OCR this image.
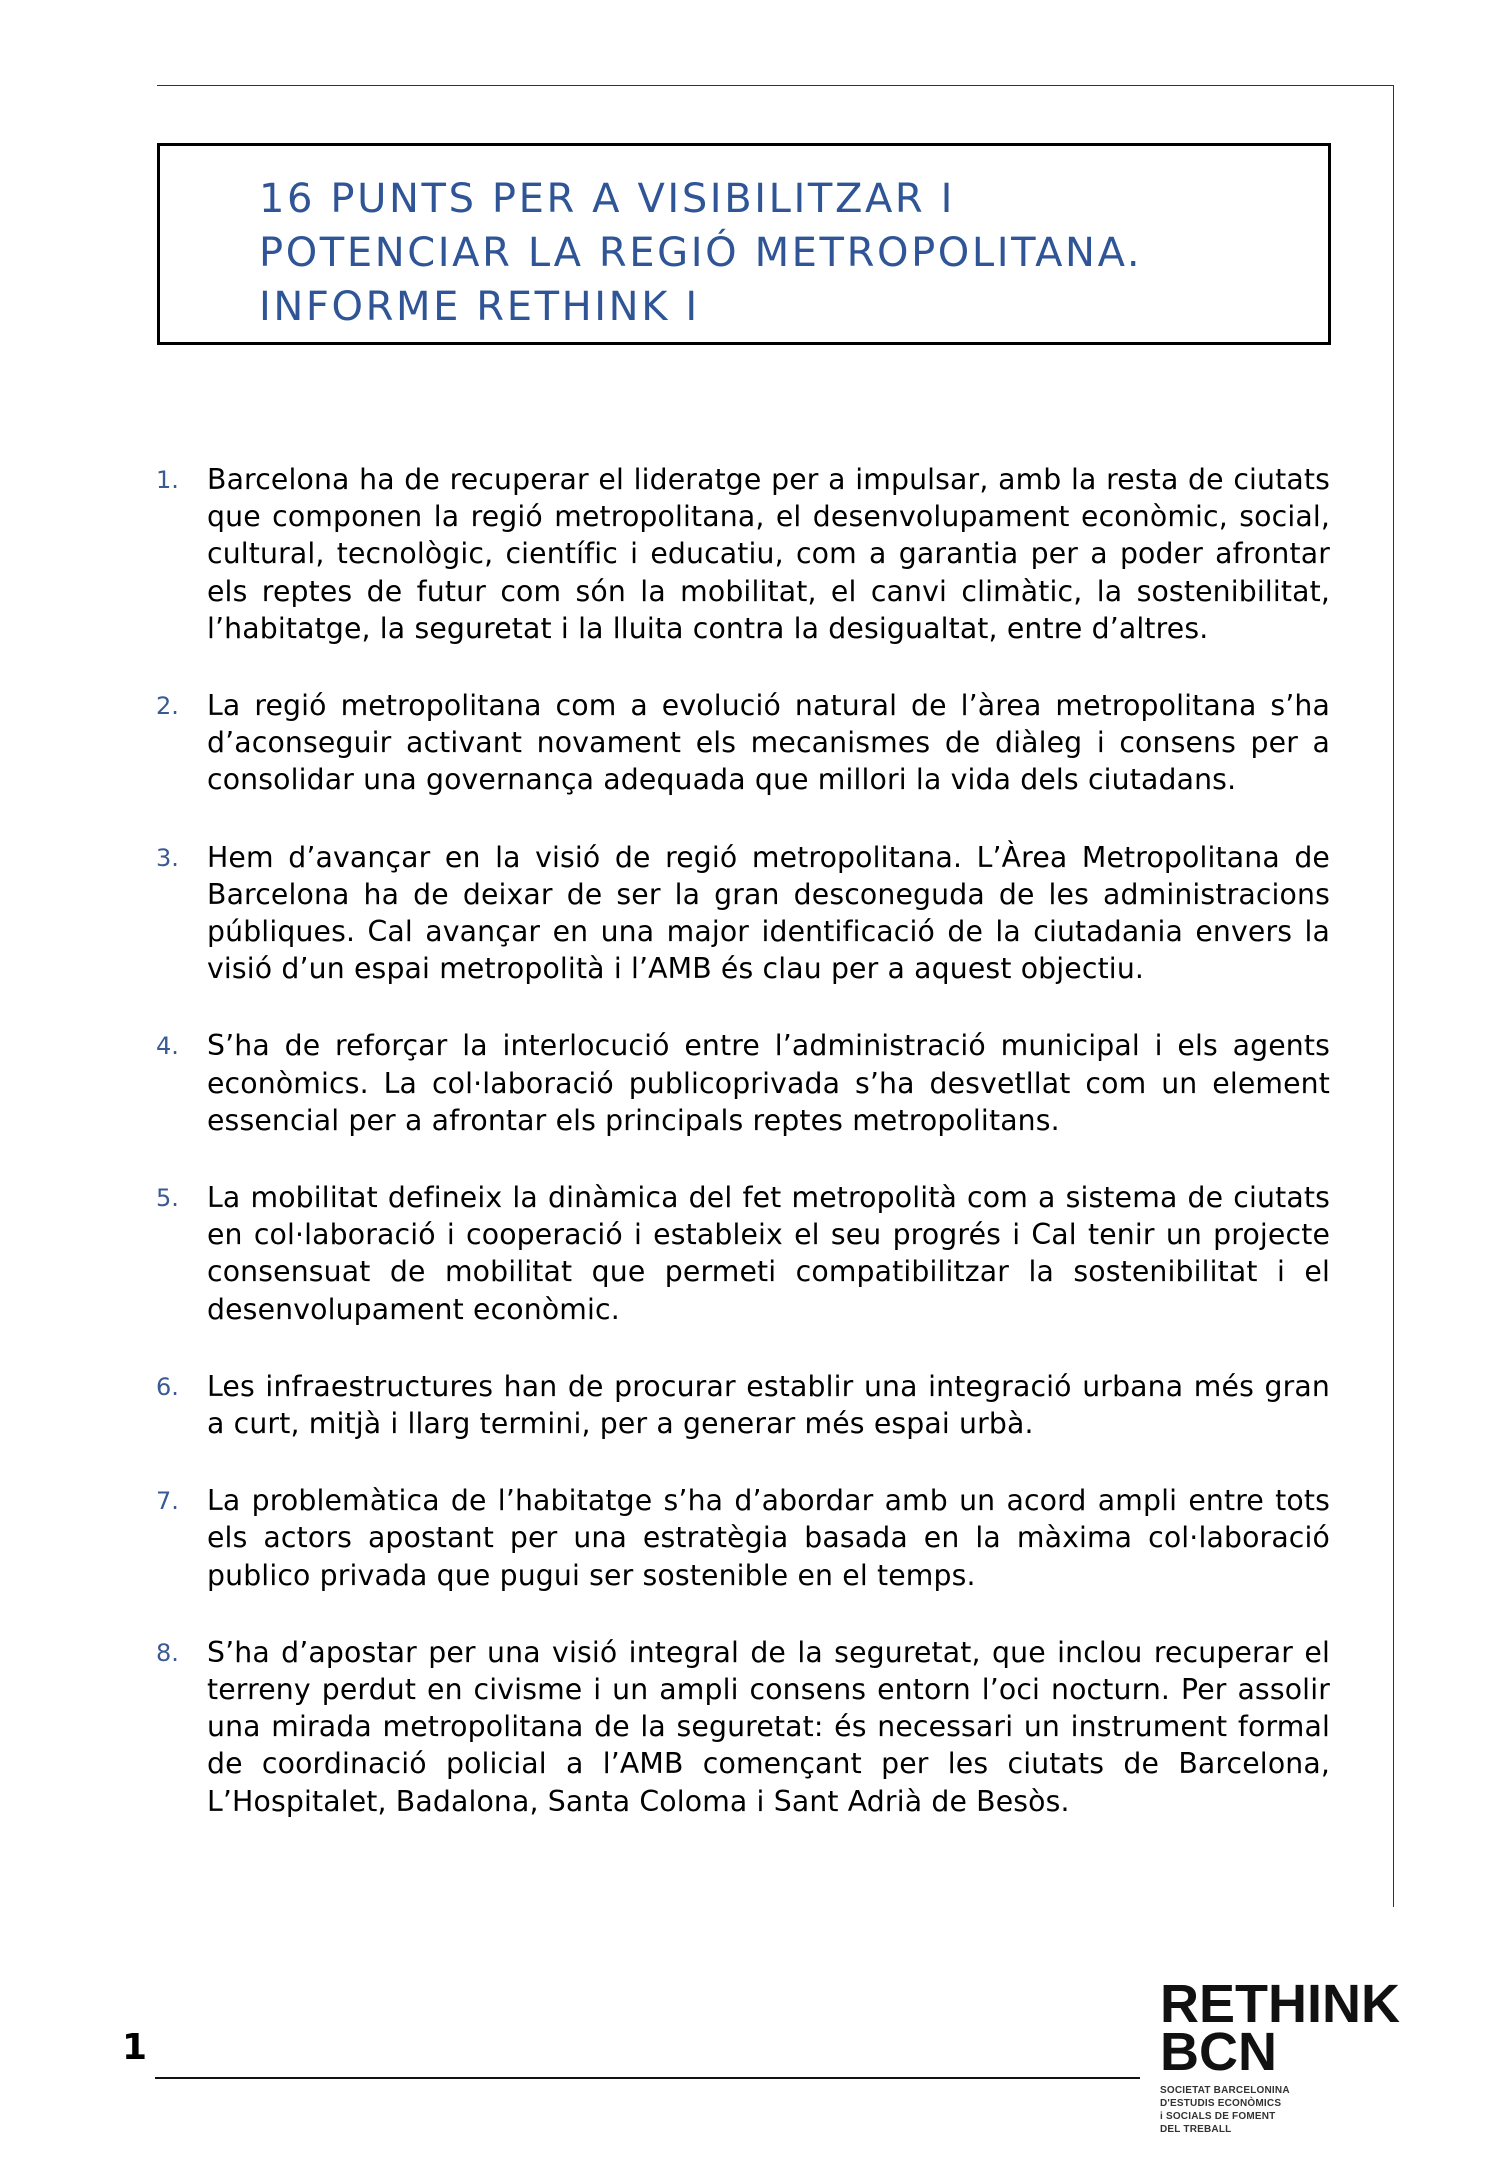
16 PUNTS PER A VISIBILITZAR I
POTENCIAR LA REGIÓ METROPOLITANA.
INFORME RETHINK I
1. Barcelona ha de recuperar el lideratge per a impulsar, amb la resta de ciutats que componen la regió metropolitana, el desenvolupament econòmic, social, cultural, tecnològic, científic i educatiu, com a garantia per a poder afrontar els reptes de futur com són la mobilitat, el canvi climàtic, la sostenibilitat, l’habitatge, la seguretat i la lluita contra la desigualtat, entre d’altres.
2. La regió metropolitana com a evolució natural de l’àrea metropolitana s’ha d’aconseguir activant novament els mecanismes de diàleg i consens per a consolidar una governança adequada que millori la vida dels ciutadans.
3. Hem d’avançar en la visió de regió metropolitana. L’Àrea Metropolitana de Barcelona ha de deixar de ser la gran desconeguda de les administracions públiques. Cal avançar en una major identificació de la ciutadania envers la visió d’un espai metropolità i l’AMB és clau per a aquest objectiu.
4. S’ha de reforçar la interlocució entre l’administració municipal i els agents econòmics. La col·laboració publicoprivada s’ha desvetllat com un element essencial per a afrontar els principals reptes metropolitans.
5. La mobilitat defineix la dinàmica del fet metropolità com a sistema de ciutats en col·laboració i cooperació i estableix el seu progrés i Cal tenir un projecte consensuat de mobilitat que permeti compatibilitzar la sostenibilitat i el desenvolupament econòmic.
6. Les infraestructures han de procurar establir una integració urbana més gran a curt, mitjà i llarg termini, per a generar més espai urbà.
7. La problemàtica de l’habitatge s’ha d’abordar amb un acord ampli entre tots els actors apostant per una estratègia basada en la màxima col·laboració publico privada que pugui ser sostenible en el temps.
8. S’ha d’apostar per una visió integral de la seguretat, que inclou recuperar el terreny perdut en civisme i un ampli consens entorn l’oci nocturn. Per assolir una mirada metropolitana de la seguretat: és necessari un instrument formal de coordinació policial a l’AMB començant per les ciutats de Barcelona, L’Hospitalet, Badalona, Santa Coloma i Sant Adrià de Besòs.
1
RETHINK
BCN
SOCIETAT BARCELONINA
D'ESTUDIS ECONÒMICS
i SOCIALS DE FOMENT
DEL TREBALL
